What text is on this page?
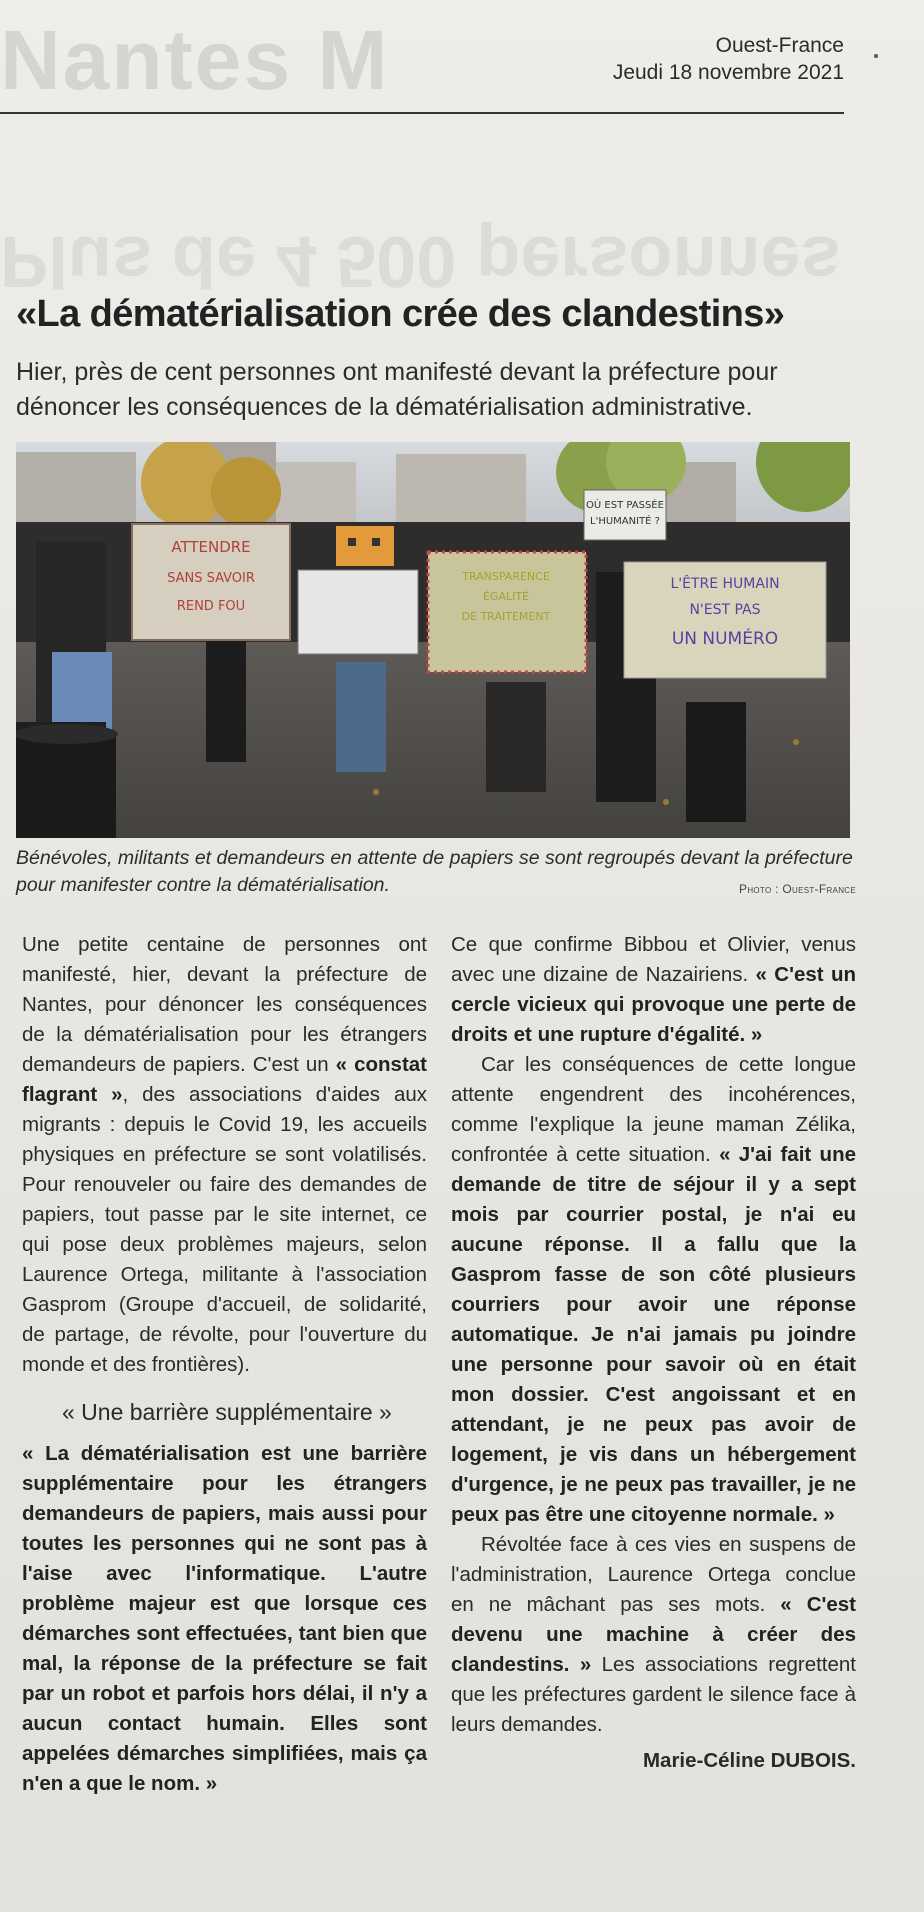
Nantes M
Plus de 4 500 personnes
Ouest-France
Jeudi 18 novembre 2021
«La dématérialisation crée des clandestins»
Hier, près de cent personnes ont manifesté devant la préfecture pour dénoncer les conséquences de la dématérialisation administrative.
ATTENDRE
SANS SAVOIR
REND FOU
TRANSPARENCE
ÉGALITÉ
DE TRAITEMENT
OÙ EST PASSÉE
L'HUMANITÉ ?
L'ÊTRE HUMAIN
N'EST PAS
UN NUMÉRO
Bénévoles, militants et demandeurs en attente de papiers se sont regroupés devant la préfecture pour manifester contre la dématérialisation.	Photo : Ouest-France

Une petite centaine de personnes ont manifesté, hier, devant la préfecture de Nantes, pour dénoncer les conséquences de la dématérialisation pour les étrangers demandeurs de papiers. C'est un « constat flagrant », des associations d'aides aux migrants : depuis le Covid 19, les accueils physiques en préfecture se sont volatilisés. Pour renouveler ou faire des demandes de papiers, tout passe par le site internet, ce qui pose deux problèmes majeurs, selon Laurence Ortega, militante à l'association Gasprom (Groupe d'accueil, de solidarité, de partage, de révolte, pour l'ouverture du monde et des frontières).

« Une barrière supplémentaire »

« La dématérialisation est une barrière supplémentaire pour les étrangers demandeurs de papiers, mais aussi pour toutes les personnes qui ne sont pas à l'aise avec l'informatique. L'autre problème majeur est que lorsque ces démarches sont effectuées, tant bien que mal, la réponse de la préfecture se fait par un robot et parfois hors délai, il n'y a aucun contact humain. Elles sont appelées démarches simplifiées, mais ça n'en a que le nom. »

Ce que confirme Bibbou et Olivier, venus avec une dizaine de Nazairiens. « C'est un cercle vicieux qui provoque une perte de droits et une rupture d'égalité. »

Car les conséquences de cette longue attente engendrent des incohérences, comme l'explique la jeune maman Zélika, confrontée à cette situation. « J'ai fait une demande de titre de séjour il y a sept mois par courrier postal, je n'ai eu aucune réponse. Il a fallu que la Gasprom fasse de son côté plusieurs courriers pour avoir une réponse automatique. Je n'ai jamais pu joindre une personne pour savoir où en était mon dossier. C'est angoissant et en attendant, je ne peux pas avoir de logement, je vis dans un hébergement d'urgence, je ne peux pas travailler, je ne peux pas être une citoyenne normale. »

Révoltée face à ces vies en suspens de l'administration, Laurence Ortega conclue en ne mâchant pas ses mots. « C'est devenu une machine à créer des clandestins. » Les associations regrettent que les préfectures gardent le silence face à leurs demandes.

Marie-Céline DUBOIS.
